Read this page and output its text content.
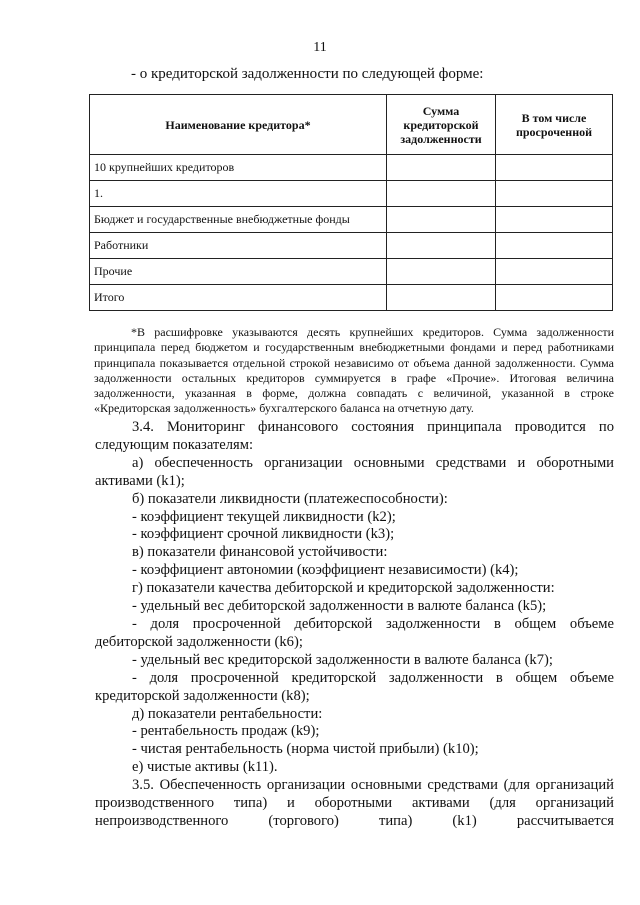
11
- о кредиторской задолженности по следующей форме:
Наименование кредитора*	Сумма кредиторской задолженности	В том числе просроченной
10 крупнейших кредиторов		
1.		
Бюджет и государственные внебюджетные фонды		
Работники		
Прочие		
Итого		

*В расшифровке указываются десять крупнейших кредиторов. Сумма задолженности принципала перед бюджетом и государственным внебюджетными фондами и перед работниками принципала показывается отдельной строкой независимо от объема данной задолженности. Сумма задолженности остальных кредиторов суммируется в графе «Прочие». Итоговая величина задолженности, указанная в форме, должна совпадать с величиной, указанной в строке «Кредиторская задолженность» бухгалтерского баланса на отчетную дату.

3.4. Мониторинг финансового состояния принципала проводится по следующим показателям:

а) обеспеченность организации основными средствами и оборотными активами (k1);

б) показатели ликвидности (платежеспособности):

- коэффициент текущей ликвидности (k2);

- коэффициент срочной ликвидности (k3);

в) показатели финансовой устойчивости:

- коэффициент автономии (коэффициент независимости) (k4);

г) показатели качества дебиторской и кредиторской задолженности:

- удельный вес дебиторской задолженности в валюте баланса (k5);

- доля просроченной дебиторской задолженности в общем объеме дебиторской задолженности (k6);

- удельный вес кредиторской задолженности в валюте баланса (k7);

- доля просроченной кредиторской задолженности в общем объеме кредиторской задолженности (k8);

д) показатели рентабельности:

- рентабельность продаж (k9);

- чистая рентабельность (норма чистой прибыли) (k10);

е) чистые активы (k11).

3.5. Обеспеченность организации основными средствами (для организаций производственного типа) и оборотными активами (для организаций непроизводственного (торгового) типа) (k1) рассчитывается
